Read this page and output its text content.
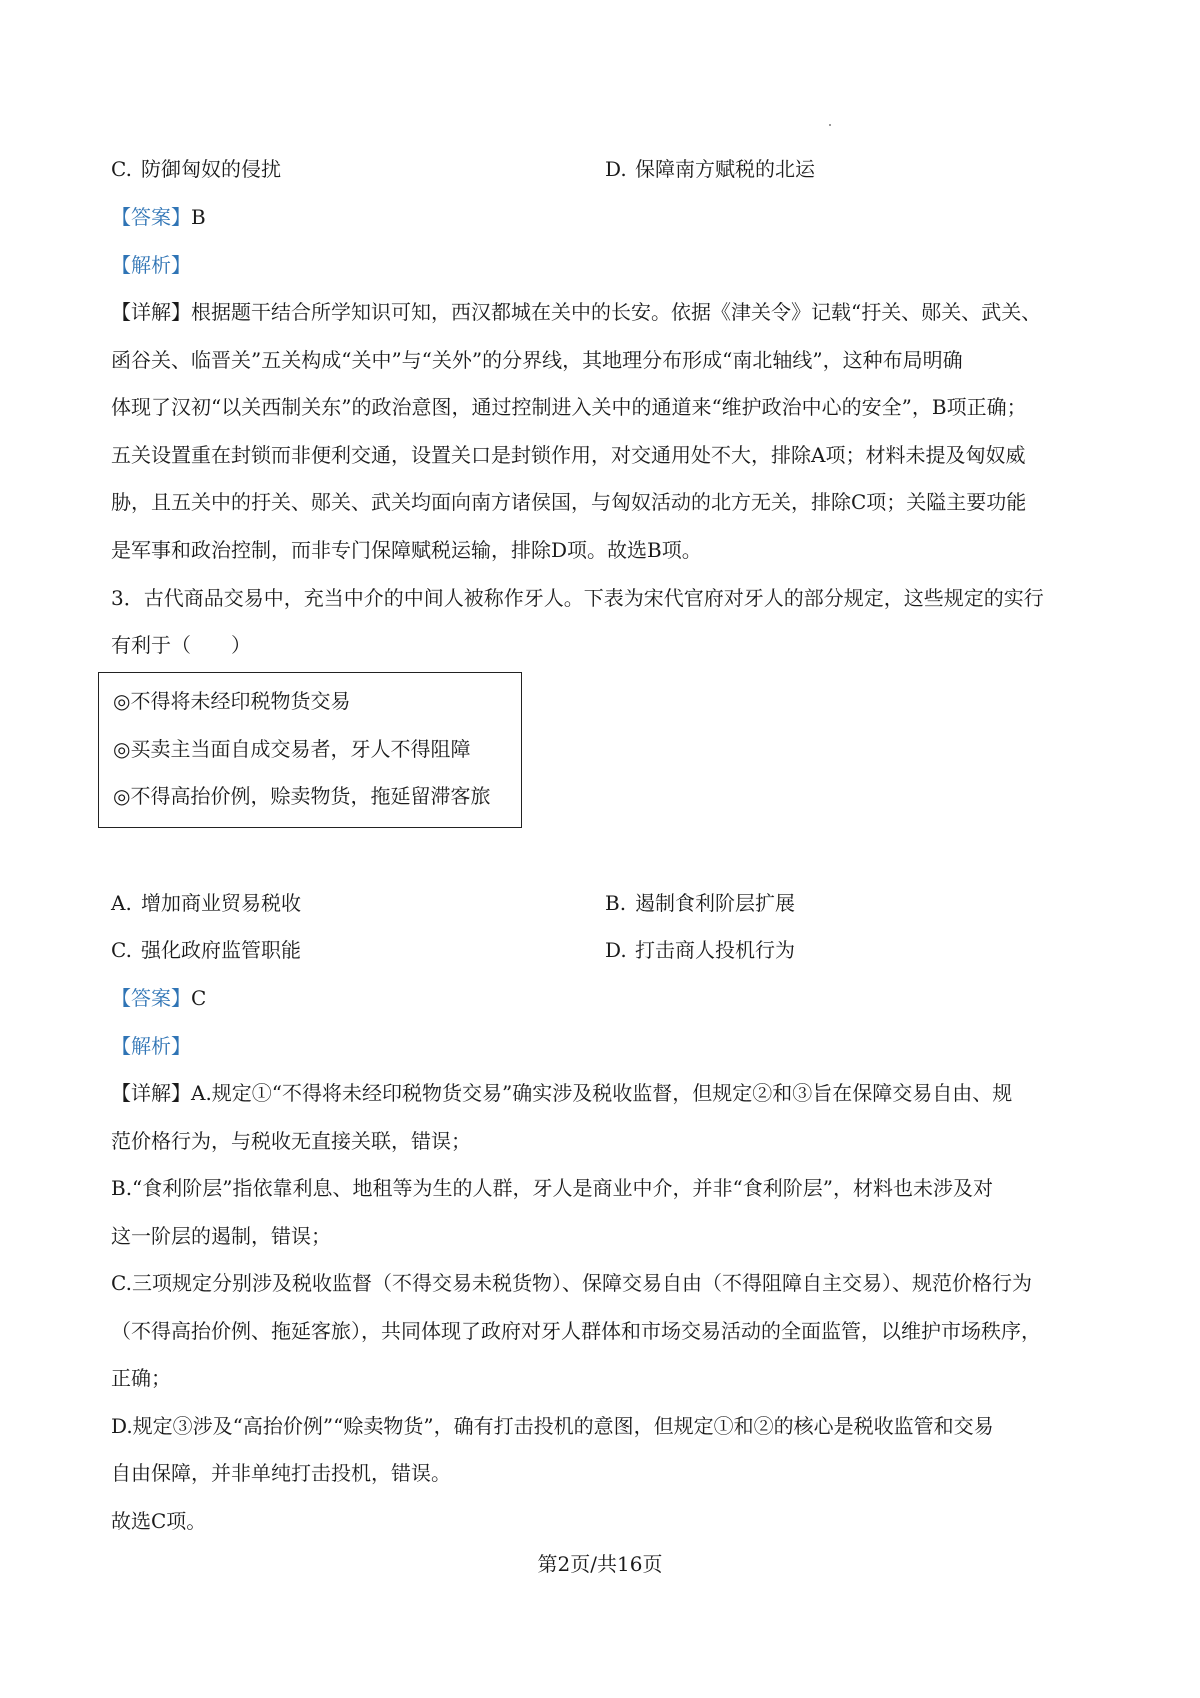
C. 防御匈奴的侵扰	D. 保障南方赋税的北运
【答案】B
【解析】
【详解】根据题干结合所学知识可知，西汉都城在关中的长安。依据《津关令》记载“扜关、郧关、武关、
函谷关、临晋关”五关构成“关中”与“关外”的分界线，其地理分布形成“南北轴线”，这种布局明确
体现了汉初“以关西制关东”的政治意图，通过控制进入关中的通道来“维护政治中心的安全”，B项正确；
五关设置重在封锁而非便利交通，设置关口是封锁作用，对交通用处不大，排除A项；材料未提及匈奴威
胁，且五关中的扜关、郧关、武关均面向南方诸侯国，与匈奴活动的北方无关，排除C项；关隘主要功能
是军事和政治控制，而非专门保障赋税运输，排除D项。故选B项。
3．古代商品交易中，充当中介的中间人被称作牙人。下表为宋代官府对牙人的部分规定，这些规定的实行
有利于（　　）
◎不得将未经印税物货交易
◎买卖主当面自成交易者，牙人不得阻障
◎不得高抬价例，赊卖物货，拖延留滞客旅
A. 增加商业贸易税收	B. 遏制食利阶层扩展
C. 强化政府监管职能	D. 打击商人投机行为
【答案】C
【解析】
【详解】A.规定①“不得将未经印税物货交易”确实涉及税收监督，但规定②和③旨在保障交易自由、规
范价格行为，与税收无直接关联，错误；
B.“食利阶层”指依靠利息、地租等为生的人群，牙人是商业中介，并非“食利阶层”，材料也未涉及对
这一阶层的遏制，错误；
C.三项规定分别涉及税收监督（不得交易未税货物）、保障交易自由（不得阻障自主交易）、规范价格行为
（不得高抬价例、拖延客旅），共同体现了政府对牙人群体和市场交易活动的全面监管，以维护市场秩序，
正确；
D.规定③涉及“高抬价例”“赊卖物货”，确有打击投机的意图，但规定①和②的核心是税收监管和交易
自由保障，并非单纯打击投机，错误。
故选C项。
第2页/共16页
